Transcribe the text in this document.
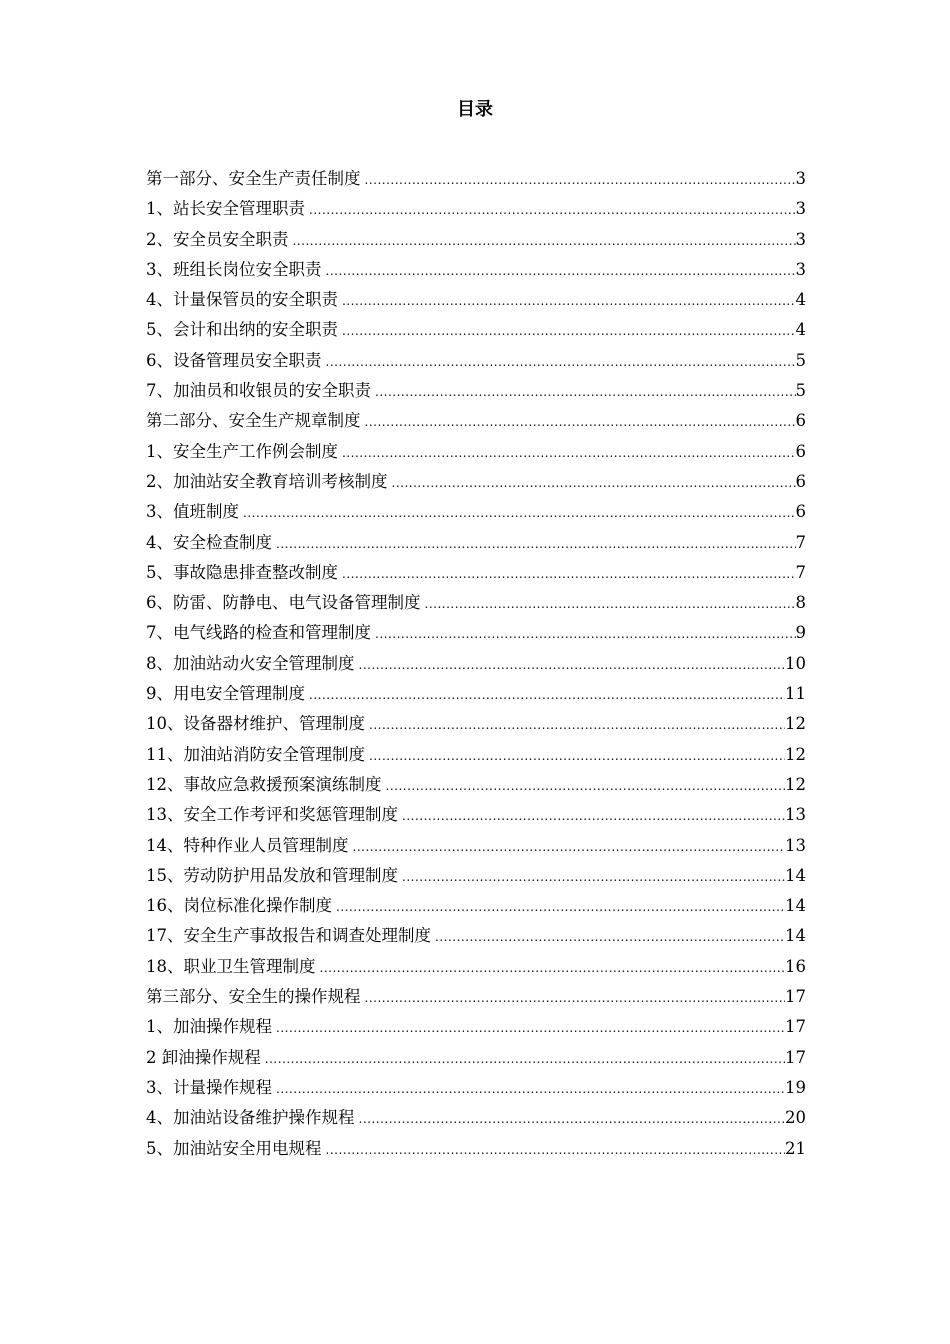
目录
第一部分、安全生产责任制度 .....	3
1、站长安全管理职责 .....	3
2、安全员安全职责 .....	3
3、班组长岗位安全职责 .....	3
4、计量保管员的安全职责 .....	4
5、会计和出纳的安全职责 .....	4
6、设备管理员安全职责 .....	5
7、加油员和收银员的安全职责 .....	5
第二部分、安全生产规章制度 .....	6
1、安全生产工作例会制度 .....	6
2、加油站安全教育培训考核制度 .....	6
3、值班制度 .....	6
4、安全检查制度 .....	7
5、事故隐患排查整改制度 .....	7
6、防雷、防静电、电气设备管理制度 .....	8
7、电气线路的检查和管理制度 .....	9
8、加油站动火安全管理制度 .....	10
9、用电安全管理制度 .....	11
10、设备器材维护、管理制度 .....	12
11、加油站消防安全管理制度 .....	12
12、事故应急救援预案演练制度 .....	12
13、安全工作考评和奖惩管理制度 .....	13
14、特种作业人员管理制度 .....	13
15、劳动防护用品发放和管理制度 .....	14
16、岗位标准化操作制度 .....	14
17、安全生产事故报告和调查处理制度 .....	14
18、职业卫生管理制度 .....	16
第三部分、安全生的操作规程 .....	17
1、加油操作规程 .....	17
2 卸油操作规程 .....	17
3、计量操作规程 .....	19
4、加油站设备维护操作规程 .....	20
5、加油站安全用电规程 .....	21
